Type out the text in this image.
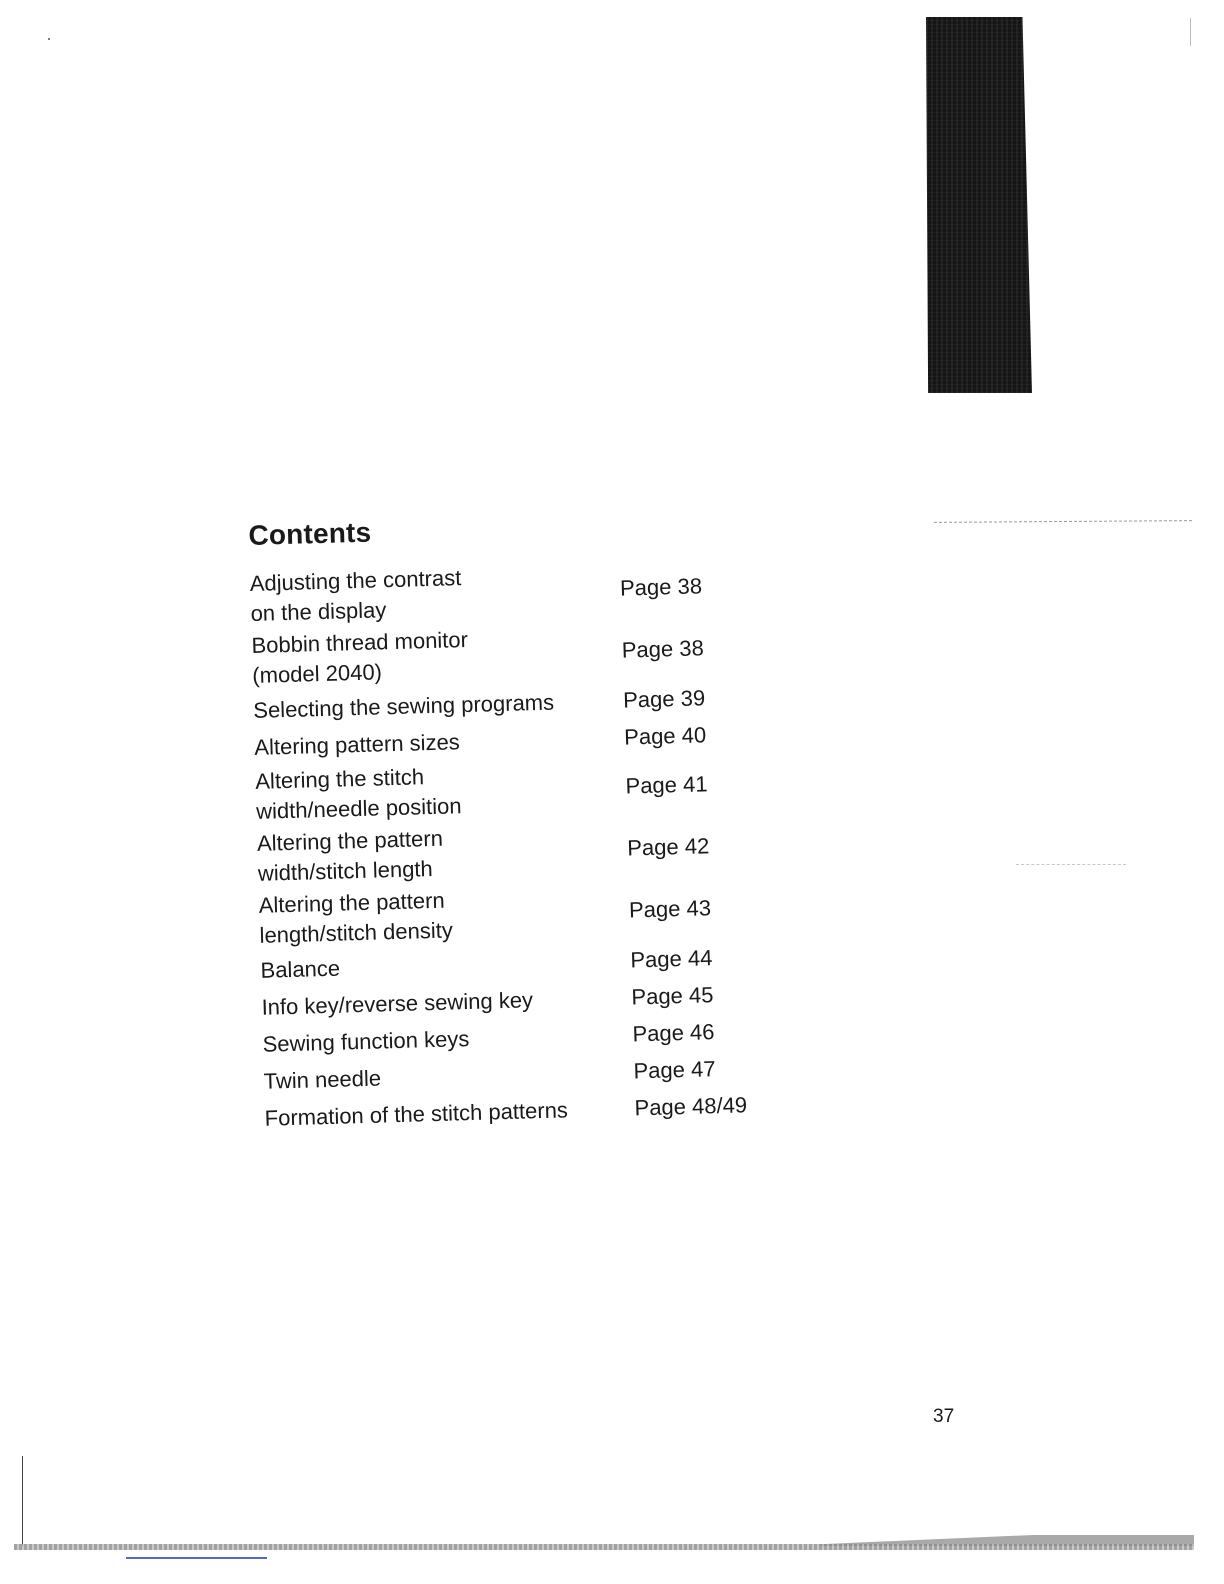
Contents
Adjusting the contrast
on the display
Page 38
Bobbin thread monitor
(model 2040)
Page 38
Selecting the sewing programs	Page 39
Altering pattern sizes	Page 40
Altering the stitch
width/needle position
Page 41
Altering the pattern
width/stitch length
Page 42
Altering the pattern
length/stitch density
Page 43
Balance	Page 44
Info key/reverse sewing key	Page 45
Sewing function keys	Page 46
Twin needle	Page 47
Formation of the stitch patterns	Page 48/49
37
